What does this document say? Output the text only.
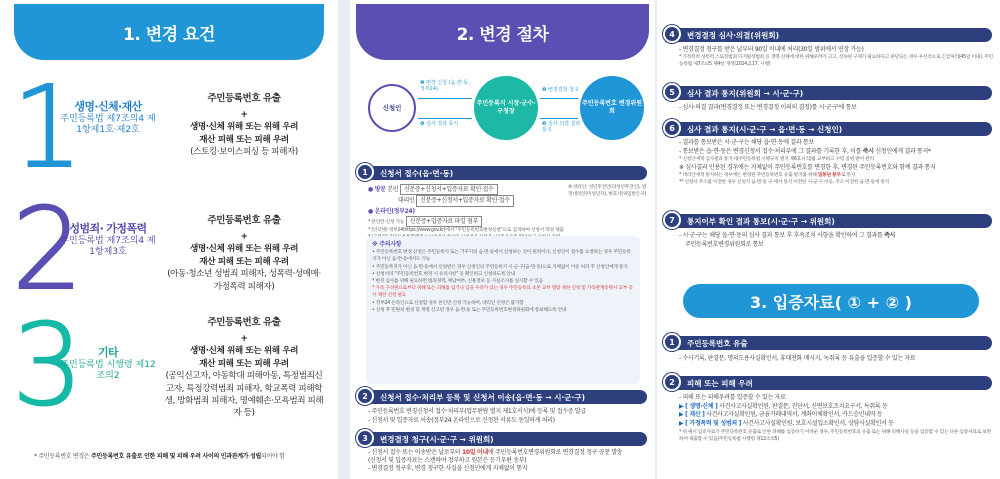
1. 변경 요건
1
생명·신체·재산
주민등록법 제7조의4 제1항제1호·제2호
주민등록번호 유출
+
생명·신체 위해 또는 위해 우려
재산 피해 또는 피해 우려
(스토킹·보이스피싱 등 피해자)
2
성범죄· 가정폭력
주민등록법 제7조의4 제1항제3호
주민등록번호 유출
+
생명·신체 위해 또는 위해 우려
재산 피해 또는 피해 우려
(아동·청소년 성범죄 피해자, 성폭력·성매매·가정폭력 피해자)
3	기타
주민등록법 시행령 제12조의2
주민등록번호 유출
+
생명·신체 위해 또는 위해 우려
재산 피해 또는 피해 우려
(공익신고자, 아동학대 피해아동, 특정범죄신고자, 특정강력범죄 피해자, 학교폭력 피해학생, 방화범죄 피해자, 명예훼손·모욕범죄 피해자 등)
* 주민등록번호 변경은 주민등록번호 유출로 인한 피해 및 피해 우려 사이의 인과관계가 성립되어야 함
2. 변경 절차
신청인
주민등록지 시장·군수·구청장
주민등록번호 변경위원회
❶ 변경 신청 (읍·면·동, 정부24)	❷ 변경결정 청구
❹ 심사 결과 통지	❸ 심사·의결 결과 통지
1	신청서 접수(읍·면·동)
● 방문 본인 신분증+신청서+입증자료 확인·접수
대리인 신분증+신청서+입증자료 확인·접수
※ 대리인: 성년후견인(피성년후견인), 법정대리인(미성년자), 변호사(위임받은자)
● 온라인(정부24)
* 본인만 신청 가능 신분증+입증자료 파일 첨부
* (인터넷) 정부24(https://www.gov.kr)에서 "주민등록번호변경신청"으로 검색하여 신청서 작성 제출
※ 주의사항
• 주민등록번호 변경 신청은 주민등록지 또는 거주지의 읍·면·동에서 신청하는 것이 원칙이나, 신청인이 접수를 요청하는 경우 주민등록지가 아닌 읍·면·동에서도 가능
• 주민등록지가 아닌 읍·면·동에서 신청받은 경우 신청인의 주민등록지 시·군·구(읍·면·동)으로 지체없이 이송 처리 후 신청인에게 통지
• 신청서의 "주민등록번호 변경 시 유의사항" 등 확인하고 신청하도록 안내
* 변경 심사를 위해 필요하면 범죄경력, 체납여부, 신용정보 등 사실조사를 실시할 수 있음
* 가족 구성원으로부터 위해 또는 피해를 입거나 입을 우려가 있는 경우 주민등록표 초본 교부 열람 제한 신청 및 가족관계증명서 교부 공시 제한 신청 필요
• 정부24 온라인으로 신청할 경우 본인만 신청 가능하며, 대리인 신청은 불가함
• 신청 후 민원처 변경 및 개명 신고된 경우 읍·면·동 또는 주민등록번호변경위원회에 통보해도록 안내
2	신청서 접수·처리부 등록 및 신청서 이송(읍·면·동 → 시·군·구)
- 주민등록번호 변경신청서 접수·처리부(업무편람 별지 제1호서식)에 등록 및 접수증 발급
- 신청서 및 입증자료 이송(정부24 온라인으로 신청된 서류도 동일하게 처리)
3	변경결정 청구(시·군·구 → 위원회)
- 신청서 접수 또는 이송받은 날로부터 10일 이내에 주민등록번호변경위원회로 변경결정 청구 공문 발송
(신청서 및 입증자료는 스캔하여 청부하고 원본은 등기우편 송부)
- 변경결정 청구후, 변경 청구한 사실을 신청인에게 지체없이 통지
4	변경결정 심사·의결(위원회)
- 변경결정 청구를 받은 날부터 90일 이내에 처리(30일 범위에서 연장 가능)
* 가정폭력 성폭력 스토킹범죄 디지털성범죄 등 생명·신체에 대한 위해우려가 크고, 신속한 구제가 필요하다고 판단되는 경우 우선적으로 긴급처리(45일 이내). 주민등록법 제7조의5 제4항 개정(2024.2.17. 시행)
5	심사 결과 통지(위원회 → 시·군·구)
- 심사·의결 결과(변경결정 또는 변경결정 이의의 결정)를 시·군·구에 통보
6	심사 결과 통지(시·군·구 → 읍·면·동 → 신청인)
- 결과를 통보받은 시·군·구는 해당 읍·면·동에 결과 통보
- 통보받은 읍·면·동은 변경신청서 접수·처리부에 그 결과를 기록한 후, 이를 즉시 신청인에게 결과 통지*
* 신청인에게 심사결과 통지서(주민등록법 시행규칙 별지 제6호서식)를 교부하고 수령 증빙 받아 관리
※ 심사결과 인용된 경우에는 지체없이 주민등록번호를 변경한 후, 변경된 주민등록번호와 함께 결과 통지
* 대리인에게 통지하는 경우에는 변경된 주민등록번호 유출 방지를 위해 밀봉된 봉투로 통지
** 신청서 주소를 이전한 경우 신청지 읍·면·동 구 에서 통지 이전된 시·군·구 이동, 주소 이전된 읍·면·동에 통지
7	통지이부 확인 결과 통보(시·군·구 → 위원회)
- 시·군·구는 해당 읍·면·동의 심사 결과 통보 후 후속조치 사항을 확인하여 그 결과를 즉시
주민등록번호변경위원회로 통보
3. 입증자료( ① + ② )
1	주민등록번호 유출
- 수사기록, 판결문, 명의도용사실확인서, 휴대전화 메시지, 녹취록 등 유출을 입증할 수 있는 자료
2	피해 또는 피해 우려
- 피해 또는 피해우려를 입증할 수 있는 자료
▶ [ 생명·신체 ] 사건사고사실확인원, 판결문, 진단서, 신변보호조치요구서, 녹취록 등
▶ [ 재산 ] 사건사고사실확인원, 금융거래내역서, 계좌이체확인서, 카드승인내역 등
▶ [ 가정폭력 및 성범죄 ] 사건사고사실확인원, 보호시설입소확인서, 상담사실확인서 등
* 위 예시 입증자료가 주민등록번호 유출로 인한 피해를 입증하기 어려운 경우, 주민등록번호의 유출 또는 위해·피해사실 등을 입증할 수 있는 다른 입증자료로 보완하여 제출할 수 있음(주민등록법 시행령 제12조의5)
